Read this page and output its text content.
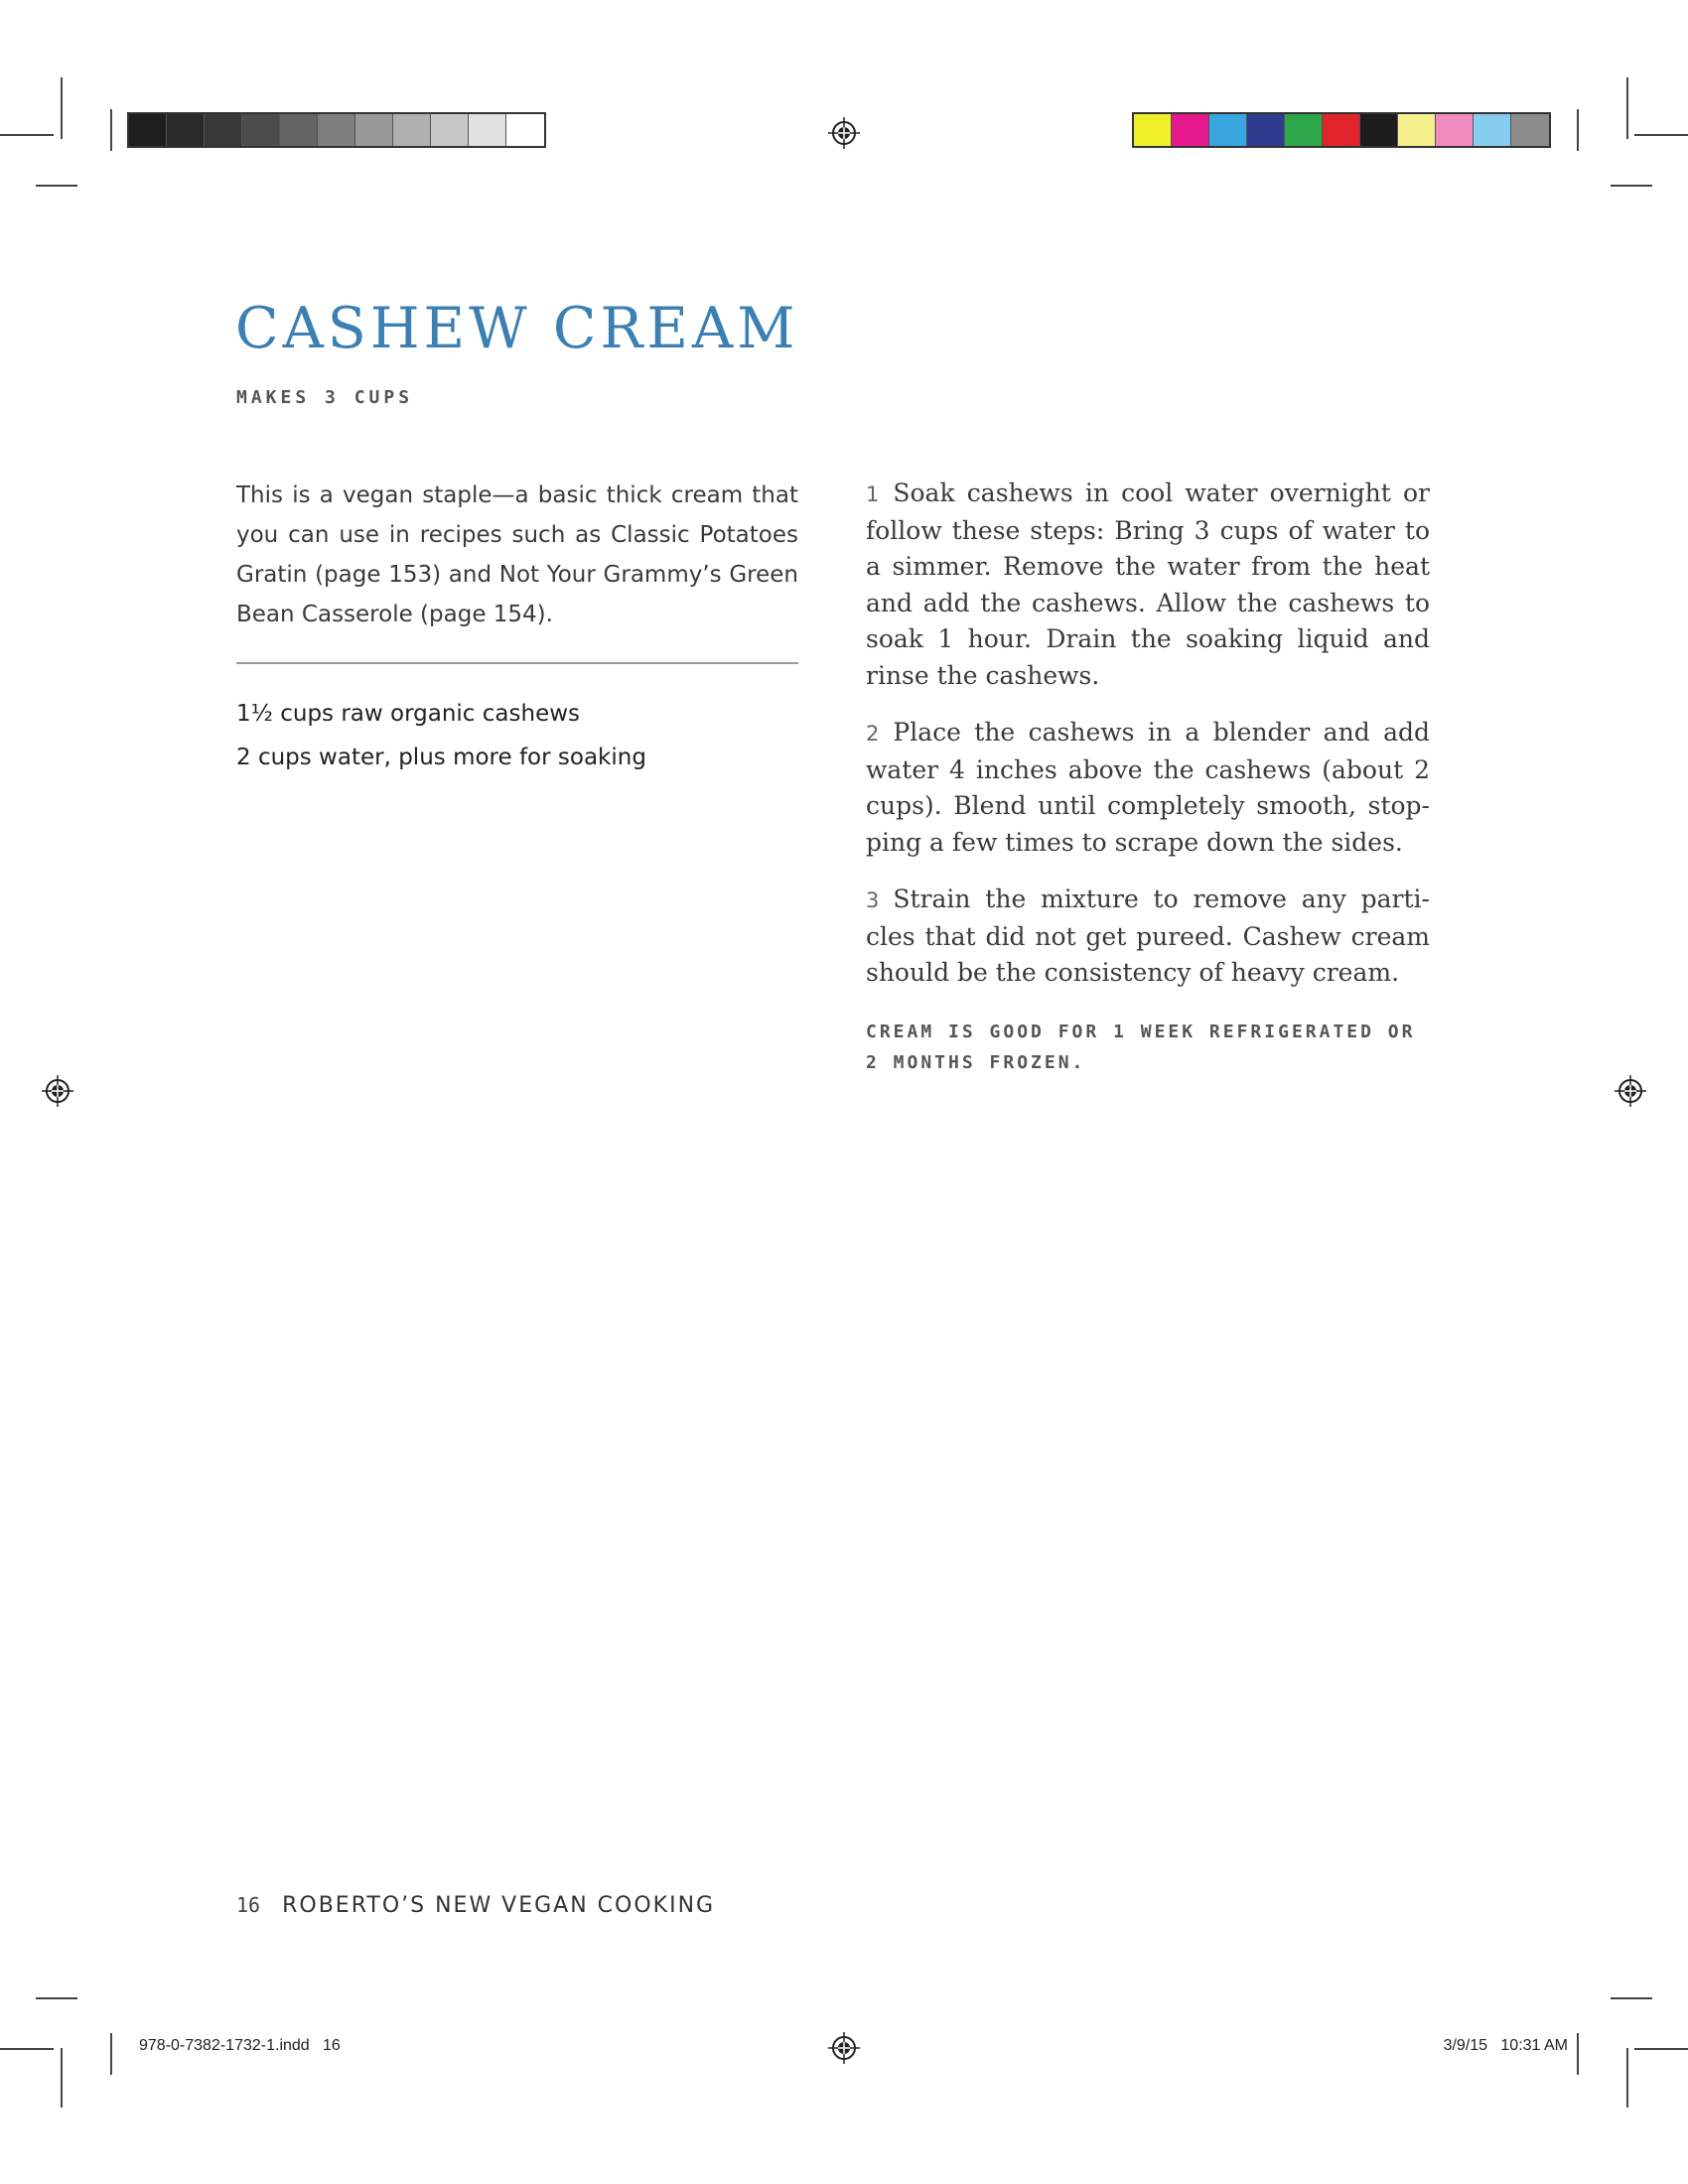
CASHEW CREAM
MAKES 3 CUPS

This is a vegan staple—a basic thick cream that you can use in recipes such as Classic Potatoes Gratin (page 153) and Not Your Grammy’s Green Bean Casserole (page 154).

1½ cups raw organic cashews
2 cups water, plus more for soaking

1 Soak cashews in cool water overnight or follow these steps: Bring 3 cups of water to a simmer. Remove the water from the heat and add the cashews. Allow the cashews to soak 1 hour. Drain the soaking liquid and rinse the cashews.

2 Place the cashews in a blender and add water 4 inches above the cashews (about 2 cups). Blend until completely smooth, stop-ping a few times to scrape down the sides.

3 Strain the mixture to remove any parti-cles that did not get pureed. Cashew cream should be the consistency of heavy cream.

CREAM IS GOOD FOR 1 WEEK REFRIGERATED OR
2 MONTHS FROZEN.

16 ROBERTO’S NEW VEGAN COOKING
978-0-7382-1732-1.indd   16	3/9/15   10:31 AM
